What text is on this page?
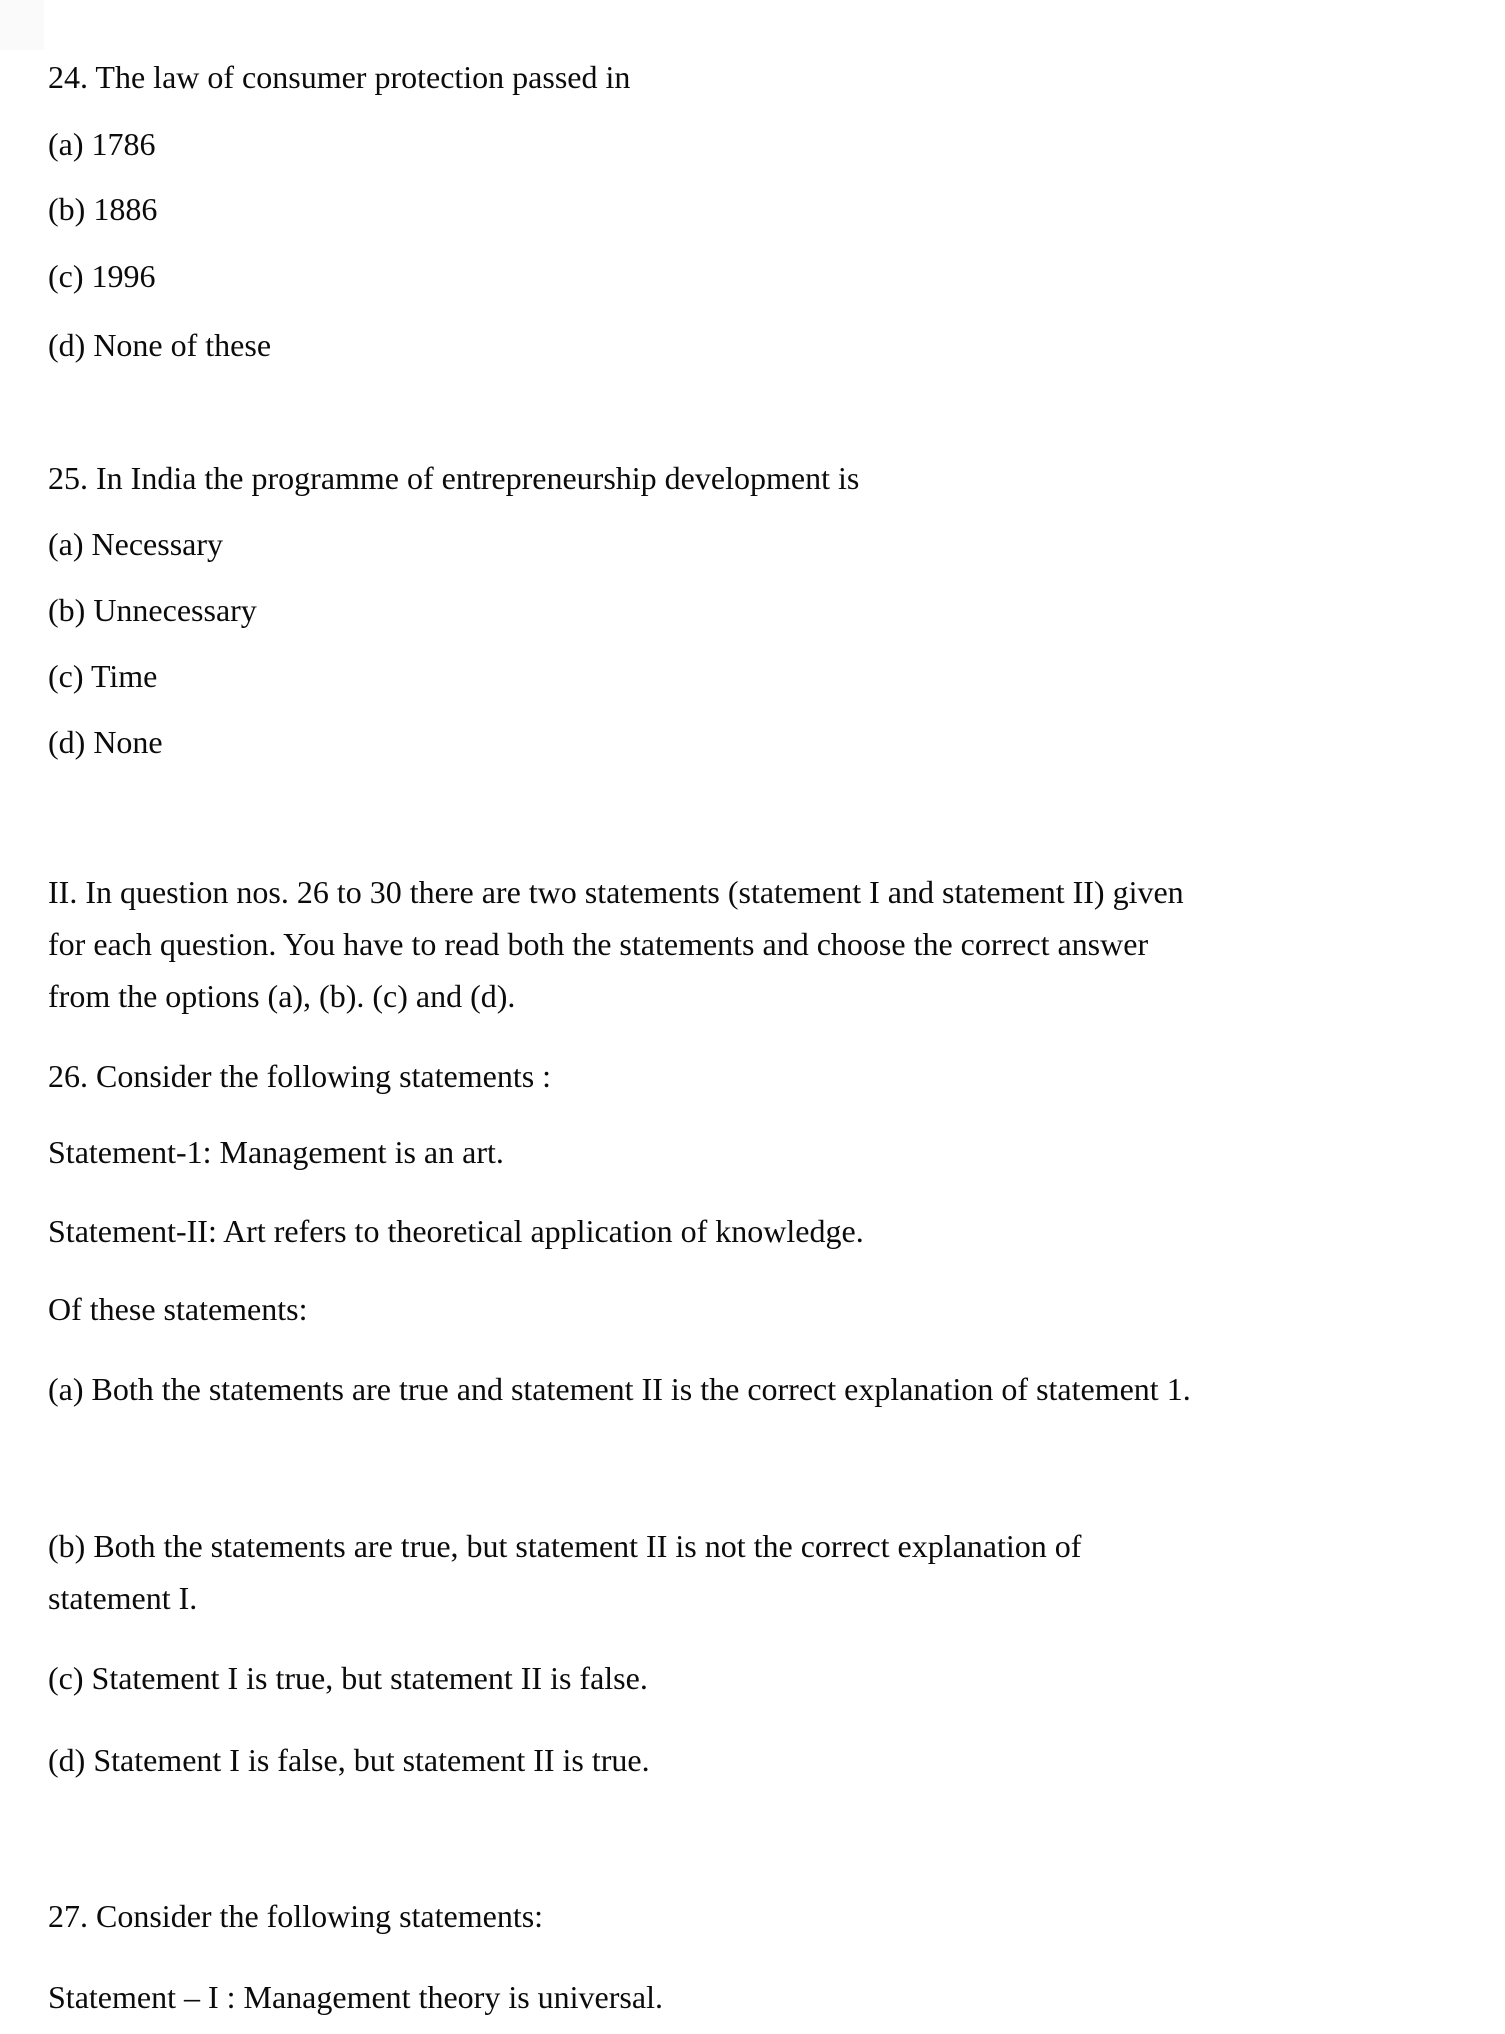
24. The law of consumer protection passed in

(a) 1786

(b) 1886

(c) 1996

(d) None of these

25. In India the programme of entrepreneurship development is

(a) Necessary

(b) Unnecessary

(c) Time

(d) None

II. In question nos. 26 to 30 there are two statements (statement I and statement II) given
for each question. You have to read both the statements and choose the correct answer
from the options (a), (b). (c) and (d).

26. Consider the following statements :

Statement-1: Management is an art.

Statement-II: Art refers to theoretical application of knowledge.

Of these statements:

(a) Both the statements are true and statement II is the correct explanation of statement 1.

(b) Both the statements are true, but statement II is not the correct explanation of
statement I.

(c) Statement I is true, but statement II is false.

(d) Statement I is false, but statement II is true.

27. Consider the following statements:

Statement – I : Management theory is universal.
